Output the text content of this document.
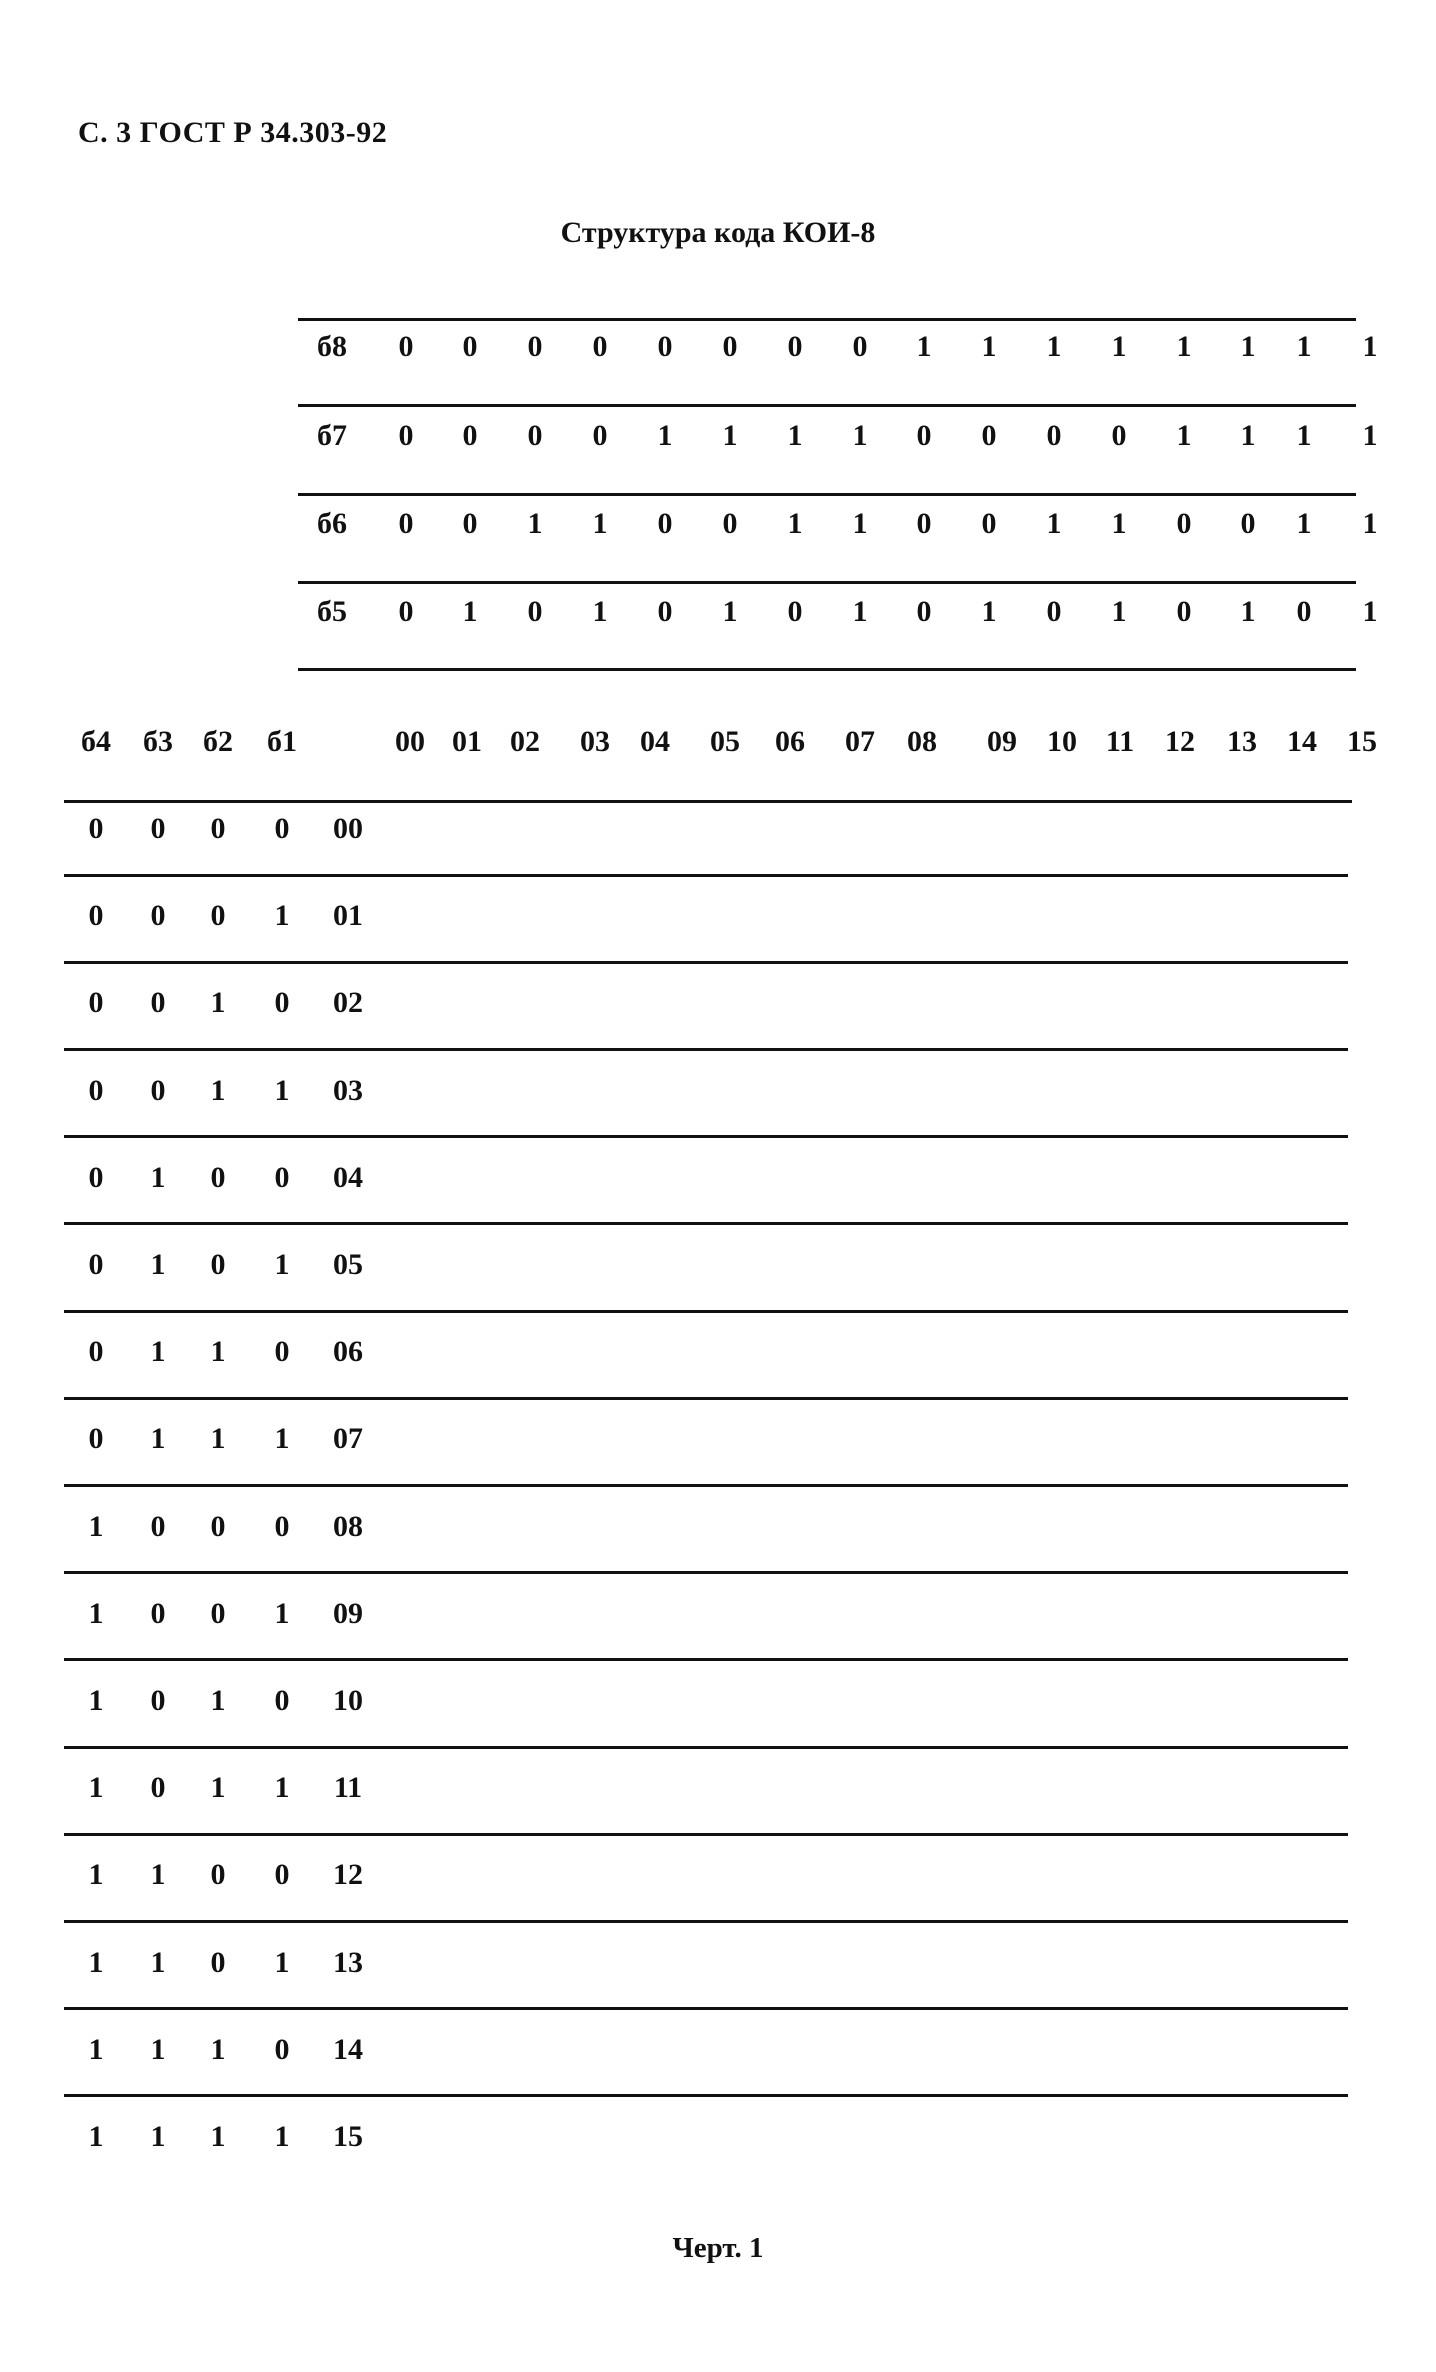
С. 3 ГОСТ Р 34.303-92
Структура кода КОИ-8
б8	0	0	0	0	0	0	0	0	1	1	1	1	1	1	1	1
б7	0	0	0	0	1	1	1	1	0	0	0	0	1	1	1	1
б6	0	0	1	1	0	0	1	1	0	0	1	1	0	0	1	1
б5	0	1	0	1	0	1	0	1	0	1	0	1	0	1	0	1
б4	б3	б2	б1	00 01 02	03	04	05	06	07	08	09	10 11	12	13	14	15
0	0	0	0	00
0	0	0	1	01
0	0	1	0	02
0	0	1	1	03
0	1	0	0	04
0	1	0	1	05
0	1	1	0	06
0	1	1	1	07
1	0	0	0	08
1	0	0	1	09
1	0	1	0	10
1	0	1	1	11
1	1	0	0	12
1	1	0	1	13
1	1	1	0	14
1	1	1	1	15
Черт. 1
